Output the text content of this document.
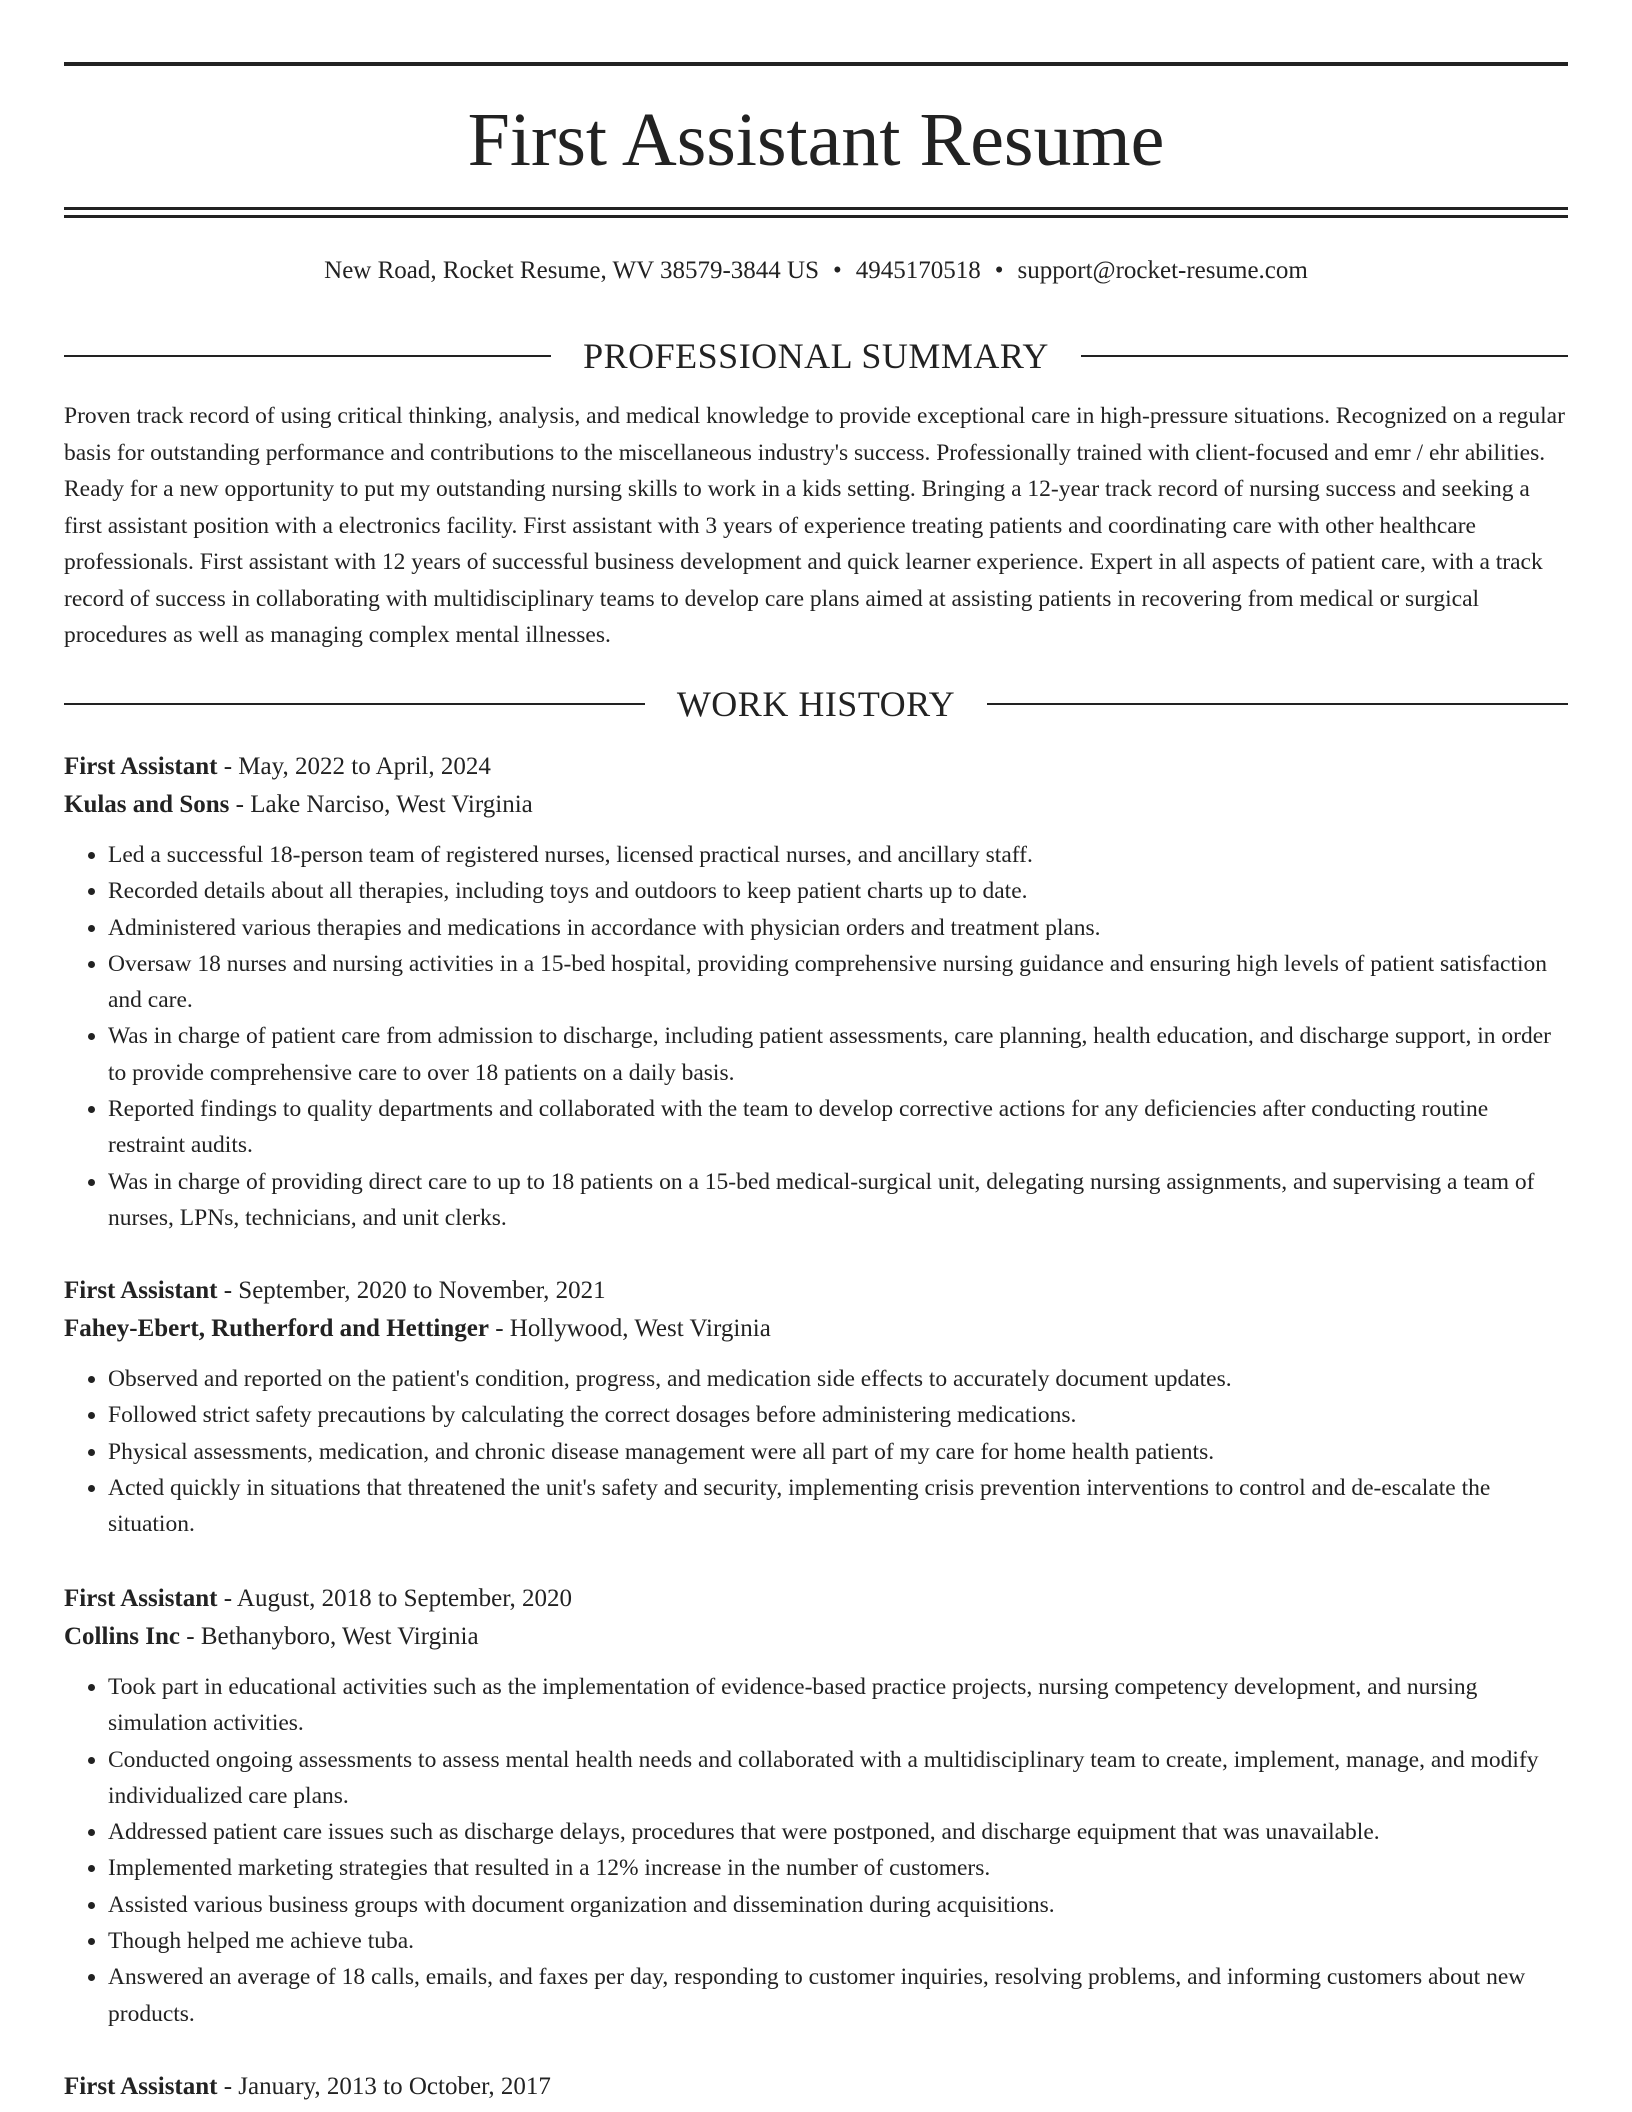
First Assistant Resume
New Road, Rocket Resume, WV 38579-3844 US • 4945170518 • support@rocket-resume.com
PROFESSIONAL SUMMARY

Proven track record of using critical thinking, analysis, and medical knowledge to provide exceptional care in high-pressure situations. Recognized on a regular basis for outstanding performance and contributions to the miscellaneous industry's success. Professionally trained with client-focused and emr / ehr abilities. Ready for a new opportunity to put my outstanding nursing skills to work in a kids setting. Bringing a 12-year track record of nursing success and seeking a first assistant position with a electronics facility. First assistant with 3 years of experience treating patients and coordinating care with other healthcare professionals. First assistant with 12 years of successful business development and quick learner experience. Expert in all aspects of patient care, with a track record of success in collaborating with multidisciplinary teams to develop care plans aimed at assisting patients in recovering from medical or surgical procedures as well as managing complex mental illnesses.

WORK HISTORY
First Assistant - May, 2022 to April, 2024
Kulas and Sons - Lake Narciso, West Virginia
• Led a successful 18-person team of registered nurses, licensed practical nurses, and ancillary staff.
• Recorded details about all therapies, including toys and outdoors to keep patient charts up to date.
• Administered various therapies and medications in accordance with physician orders and treatment plans.
• Oversaw 18 nurses and nursing activities in a 15-bed hospital, providing comprehensive nursing guidance and ensuring high levels of patient satisfaction and care.
• Was in charge of patient care from admission to discharge, including patient assessments, care planning, health education, and discharge support, in order to provide comprehensive care to over 18 patients on a daily basis.
• Reported findings to quality departments and collaborated with the team to develop corrective actions for any deficiencies after conducting routine restraint audits.
• Was in charge of providing direct care to up to 18 patients on a 15-bed medical-surgical unit, delegating nursing assignments, and supervising a team of nurses, LPNs, technicians, and unit clerks.
First Assistant - September, 2020 to November, 2021
Fahey-Ebert, Rutherford and Hettinger - Hollywood, West Virginia
• Observed and reported on the patient's condition, progress, and medication side effects to accurately document updates.
• Followed strict safety precautions by calculating the correct dosages before administering medications.
• Physical assessments, medication, and chronic disease management were all part of my care for home health patients.
• Acted quickly in situations that threatened the unit's safety and security, implementing crisis prevention interventions to control and de-escalate the situation.
First Assistant - August, 2018 to September, 2020
Collins Inc - Bethanyboro, West Virginia
• Took part in educational activities such as the implementation of evidence-based practice projects, nursing competency development, and nursing simulation activities.
• Conducted ongoing assessments to assess mental health needs and collaborated with a multidisciplinary team to create, implement, manage, and modify individualized care plans.
• Addressed patient care issues such as discharge delays, procedures that were postponed, and discharge equipment that was unavailable.
• Implemented marketing strategies that resulted in a 12% increase in the number of customers.
• Assisted various business groups with document organization and dissemination during acquisitions.
• Though helped me achieve tuba.
• Answered an average of 18 calls, emails, and faxes per day, responding to customer inquiries, resolving problems, and informing customers about new products.
First Assistant - January, 2013 to October, 2017
